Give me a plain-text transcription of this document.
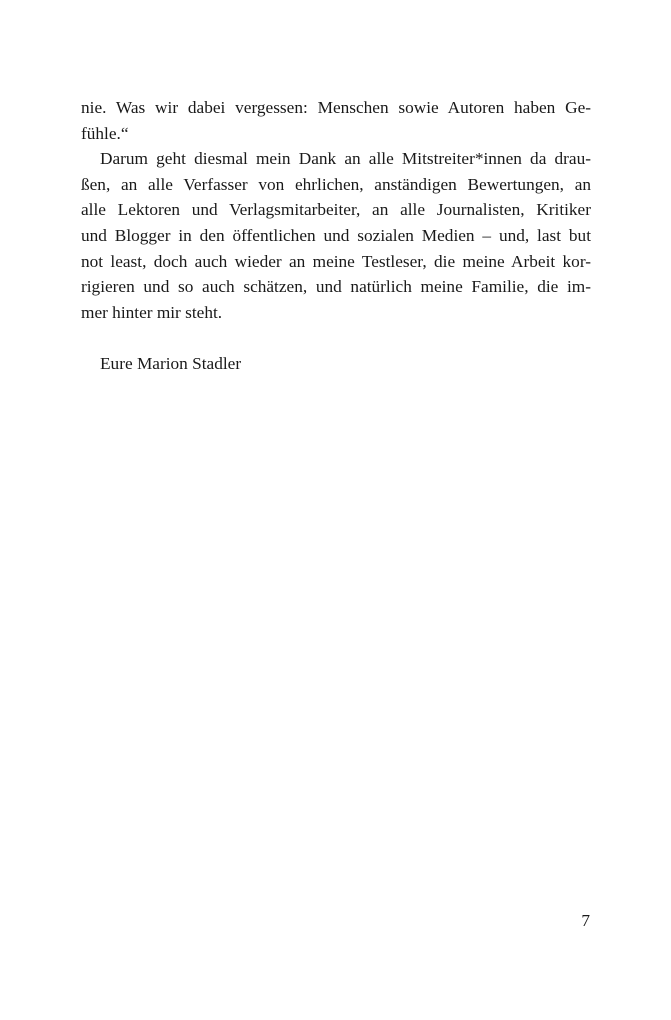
nie. Was wir dabei vergessen: Menschen sowie Autoren haben Ge-
fühle.“
Darum geht diesmal mein Dank an alle Mitstreiter*innen da drau-
ßen, an alle Verfasser von ehrlichen, anständigen Bewertungen, an
alle Lektoren und Verlagsmitarbeiter, an alle Journalisten, Kritiker
und Blogger in den öffentlichen und sozialen Medien – und, last but
not least, doch auch wieder an meine Testleser, die meine Arbeit kor-
rigieren und so auch schätzen, und natürlich meine Familie, die im-
mer hinter mir steht.
Eure Marion Stadler
7
